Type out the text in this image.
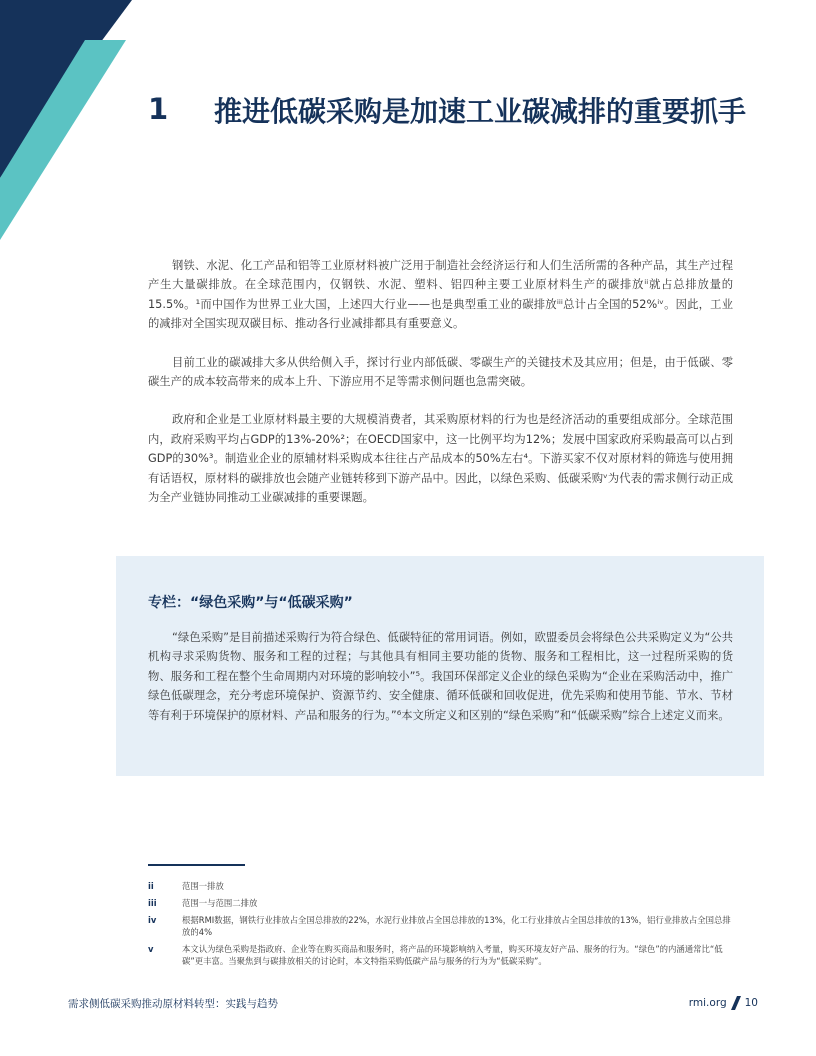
1 推进低碳采购是加速工业碳减排的重要抓手

钢铁、水泥、化工产品和铝等工业原材料被广泛用于制造社会经济运行和人们生活所需的各种产品，其生产过程产生大量碳排放。在全球范围内，仅钢铁、水泥、塑料、铝四种主要工业原材料生产的碳排放ⁱⁱ就占总排放量的15.5%。¹而中国作为世界工业大国，上述四大行业——也是典型重工业的碳排放ⁱⁱⁱ总计占全国的52%ⁱᵛ。因此，工业的减排对全国实现双碳目标、推动各行业减排都具有重要意义。

目前工业的碳减排大多从供给侧入手，探讨行业内部低碳、零碳生产的关键技术及其应用；但是，由于低碳、零碳生产的成本较高带来的成本上升、下游应用不足等需求侧问题也急需突破。

政府和企业是工业原材料最主要的大规模消费者，其采购原材料的行为也是经济活动的重要组成部分。全球范围内，政府采购平均占GDP的13%-20%²；在OECD国家中，这一比例平均为12%；发展中国家政府采购最高可以占到GDP的30%³。制造业企业的原辅材料采购成本往往占产品成本的50%左右⁴。下游买家不仅对原材料的筛选与使用拥有话语权，原材料的碳排放也会随产业链转移到下游产品中。因此，以绿色采购、低碳采购ᵛ为代表的需求侧行动正成为全产业链协同推动工业碳减排的重要课题。

专栏：“绿色采购”与“低碳采购”

“绿色采购”是目前描述采购行为符合绿色、低碳特征的常用词语。例如，欧盟委员会将绿色公共采购定义为“公共机构寻求采购货物、服务和工程的过程；与其他具有相同主要功能的货物、服务和工程相比，这一过程所采购的货物、服务和工程在整个生命周期内对环境的影响较小”⁵。我国环保部定义企业的绿色采购为“企业在采购活动中，推广绿色低碳理念，充分考虑环境保护、资源节约、安全健康、循环低碳和回收促进，优先采购和使用节能、节水、节材等有利于环境保护的原材料、产品和服务的行为。”⁶本文所定义和区别的“绿色采购”和“低碳采购”综合上述定义而来。

ii	范围一排放
iii	范围一与范围二排放
iv	根据RMI数据，钢铁行业排放占全国总排放的22%，水泥行业排放占全国总排放的13%，化工行业排放占全国总排放的13%，铝行业排放占全国总排放的4%
v	本文认为绿色采购是指政府、企业等在购买商品和服务时，将产品的环境影响纳入考量，购买环境友好产品、服务的行为。“绿色”的内涵通常比“低碳”更丰富。当聚焦到与碳排放相关的讨论时，本文特指采购低碳产品与服务的行为为“低碳采购”。
需求侧低碳采购推动原材料转型：实践与趋势	rmi.org 10
